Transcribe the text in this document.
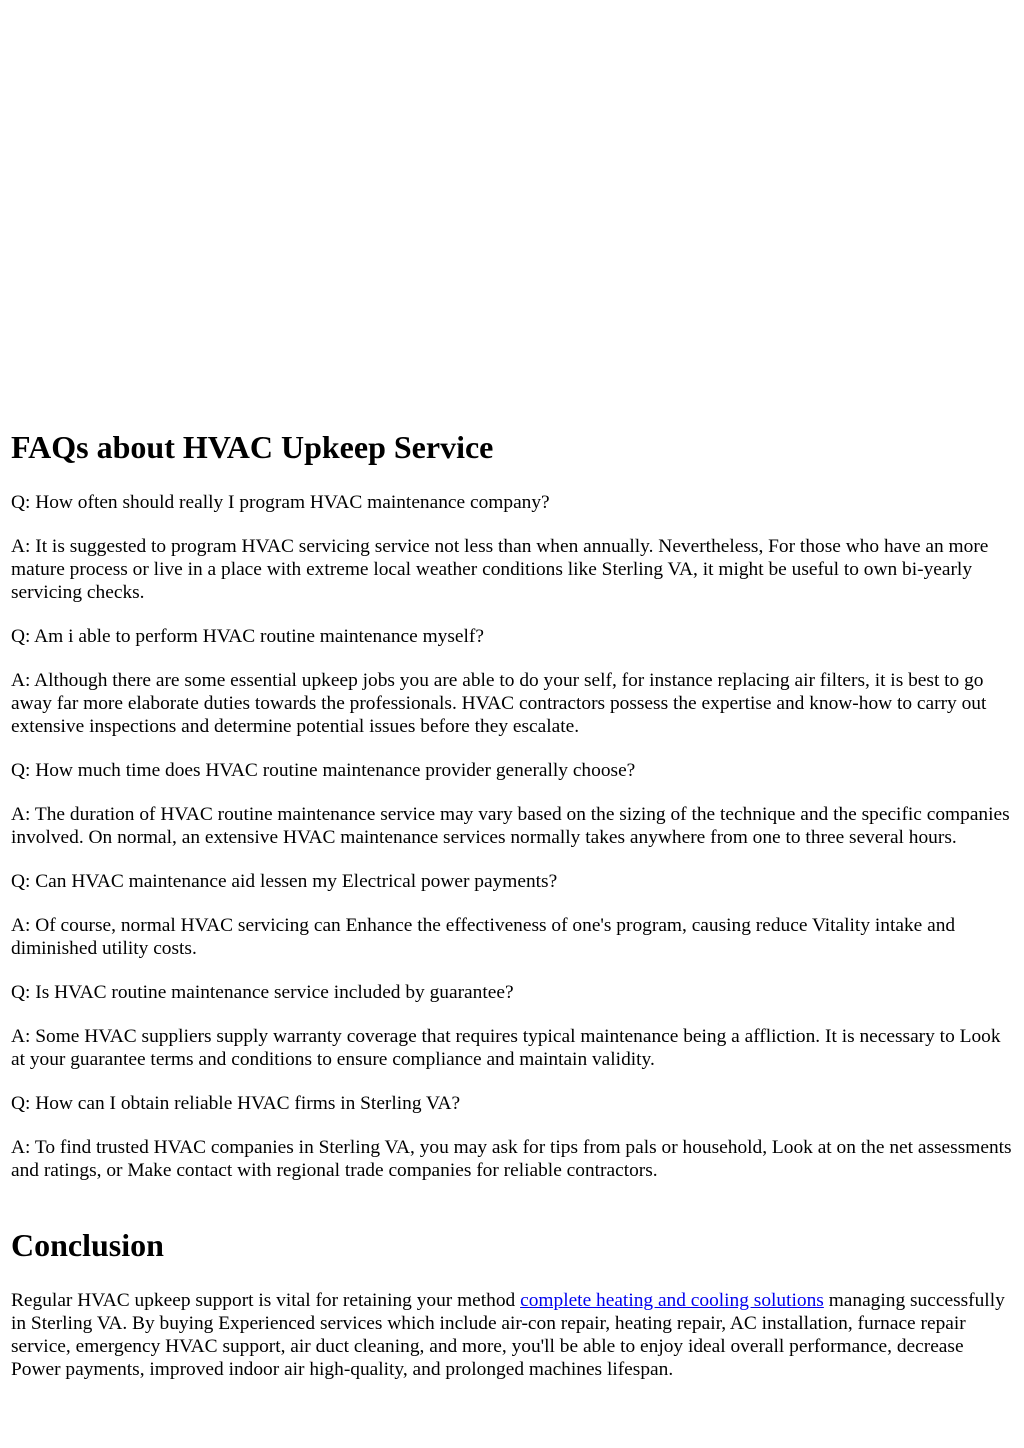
FAQs about HVAC Upkeep Service

Q: How often should really I program HVAC maintenance company?

A: It is suggested to program HVAC servicing service not less than when annually. Nevertheless, For those who have an more mature process or live in a place with extreme local weather conditions like Sterling VA, it might be useful to own bi-yearly servicing checks.

Q: Am i able to perform HVAC routine maintenance myself?

A: Although there are some essential upkeep jobs you are able to do your self, for instance replacing air filters, it is best to go away far more elaborate duties towards the professionals. HVAC contractors possess the expertise and know-how to carry out extensive inspections and determine potential issues before they escalate.

Q: How much time does HVAC routine maintenance provider generally choose?

A: The duration of HVAC routine maintenance service may vary based on the sizing of the technique and the specific companies involved. On normal, an extensive HVAC maintenance services normally takes anywhere from one to three several hours.

Q: Can HVAC maintenance aid lessen my Electrical power payments?

A: Of course, normal HVAC servicing can Enhance the effectiveness of one's program, causing reduce Vitality intake and diminished utility costs.

Q: Is HVAC routine maintenance service included by guarantee?

A: Some HVAC suppliers supply warranty coverage that requires typical maintenance being a affliction. It is necessary to Look at your guarantee terms and conditions to ensure compliance and maintain validity.

Q: How can I obtain reliable HVAC firms in Sterling VA?

A: To find trusted HVAC companies in Sterling VA, you may ask for tips from pals or household, Look at on the net assessments and ratings, or Make contact with regional trade companies for reliable contractors.

Conclusion

Regular HVAC upkeep support is vital for retaining your method complete heating and cooling solutions managing successfully in Sterling VA. By buying Experienced services which include air-con repair, heating repair, AC installation, furnace repair service, emergency HVAC support, air duct cleaning, and more, you'll be able to enjoy ideal overall performance, decrease Power payments, improved indoor air high-quality, and prolonged machines lifespan.
